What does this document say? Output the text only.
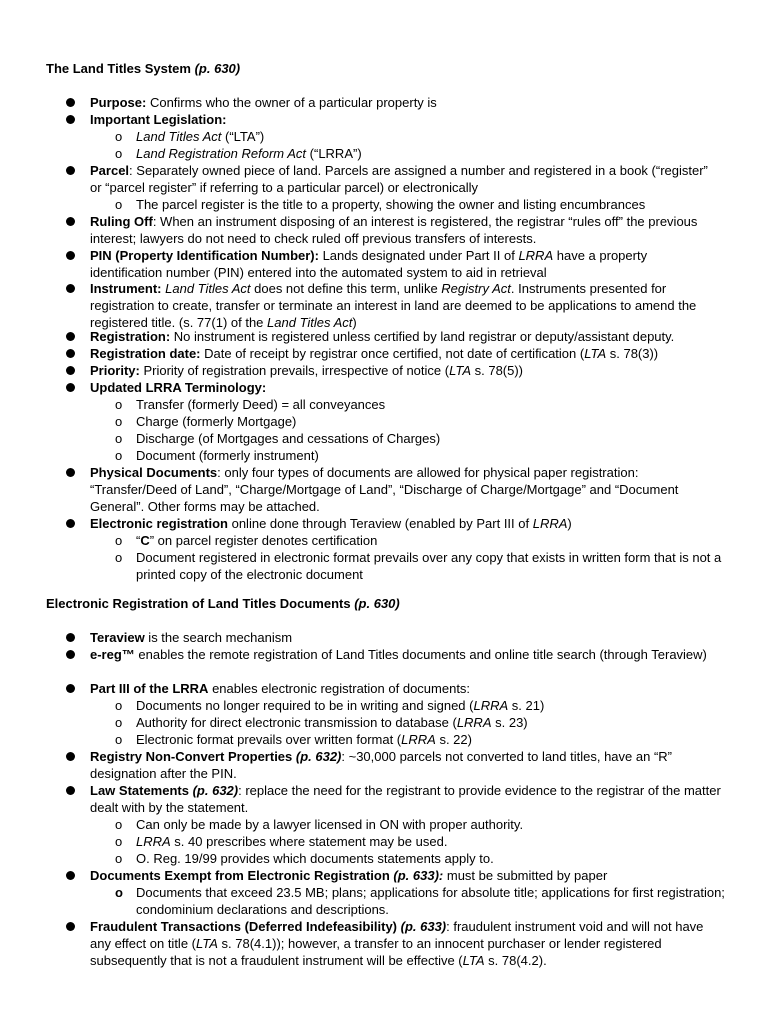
The Land Titles System (p. 630)
Purpose: Confirms who the owner of a particular property is
Important Legislation:
o Land Titles Act (“LTA”)
o Land Registration Reform Act (“LRRA”)
Parcel: Separately owned piece of land. Parcels are assigned a number and registered in a book (“register” or “parcel register” if referring to a particular parcel) or electronically
o The parcel register is the title to a property, showing the owner and listing encumbrances
Ruling Off: When an instrument disposing of an interest is registered, the registrar “rules off” the previous interest; lawyers do not need to check ruled off previous transfers of interests.
PIN (Property Identification Number): Lands designated under Part II of LRRA have a property identification number (PIN) entered into the automated system to aid in retrieval
Instrument: Land Titles Act does not define this term, unlike Registry Act. Instruments presented for registration to create, transfer or terminate an interest in land are deemed to be applications to amend the registered title. (s. 77(1) of the Land Titles Act)
Registration: No instrument is registered unless certified by land registrar or deputy/assistant deputy.
Registration date: Date of receipt by registrar once certified, not date of certification (LTA s. 78(3))
Priority: Priority of registration prevails, irrespective of notice (LTA s. 78(5))
Updated LRRA Terminology:
o Transfer (formerly Deed) = all conveyances
o Charge (formerly Mortgage)
o Discharge (of Mortgages and cessations of Charges)
o Document (formerly instrument)
Physical Documents: only four types of documents are allowed for physical paper registration: “Transfer/Deed of Land”, “Charge/Mortgage of Land”, “Discharge of Charge/Mortgage” and “Document General”. Other forms may be attached.
Electronic registration online done through Teraview (enabled by Part III of LRRA)
o “C” on parcel register denotes certification
o Document registered in electronic format prevails over any copy that exists in written form that is not a printed copy of the electronic document
Electronic Registration of Land Titles Documents (p. 630)
Teraview is the search mechanism
e-reg™ enables the remote registration of Land Titles documents and online title search (through Teraview)
Part III of the LRRA enables electronic registration of documents:
o Documents no longer required to be in writing and signed (LRRA s. 21)
o Authority for direct electronic transmission to database (LRRA s. 23)
o Electronic format prevails over written format (LRRA s. 22)
Registry Non-Convert Properties (p. 632): ~30,000 parcels not converted to land titles, have an “R” designation after the PIN.
Law Statements (p. 632): replace the need for the registrant to provide evidence to the registrar of the matter dealt with by the statement.
o Can only be made by a lawyer licensed in ON with proper authority.
o LRRA s. 40 prescribes where statement may be used.
o O. Reg. 19/99 provides which documents statements apply to.
Documents Exempt from Electronic Registration (p. 633): must be submitted by paper
o Documents that exceed 23.5 MB; plans; applications for absolute title; applications for first registration; condominium declarations and descriptions.
Fraudulent Transactions (Deferred Indefeasibility) (p. 633): fraudulent instrument void and will not have any effect on title (LTA s. 78(4.1)); however, a transfer to an innocent purchaser or lender registered subsequently that is not a fraudulent instrument will be effective (LTA s. 78(4.2).
